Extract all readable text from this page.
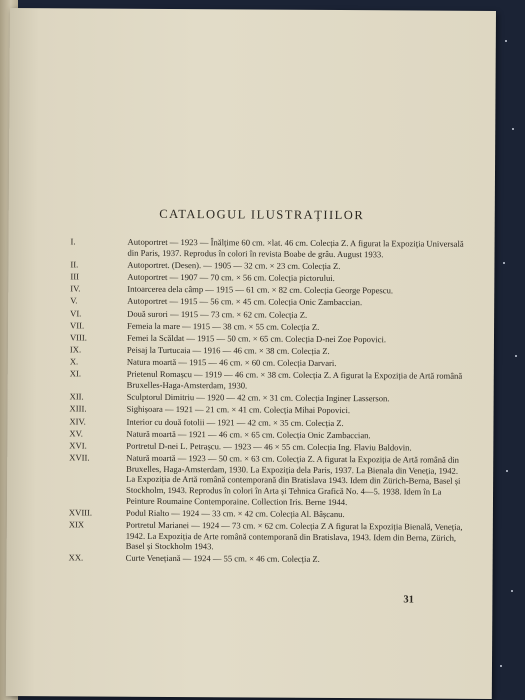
CATALOGUL ILUSTRAȚIILOR
I.	Autoportret — 1923 — Înălțime 60 cm. ×lat. 46 cm. Colecția Z. A figurat la Expoziția Universală din Paris, 1937. Reprodus în colori în revista Boabe de grâu. August 1933.
II.	Autoportret. (Desen). — 1905 — 32 cm. × 23 cm. Colecția Z.
III	Autoportret — 1907 — 70 cm. × 56 cm. Colecția pictorului.
IV.	Intoarcerea dela câmp — 1915 — 61 cm. × 82 cm. Colecția George Popescu.
V.	Autoportret — 1915 — 56 cm. × 45 cm. Colecția Onic Zambaccian.
VI.	Două surori — 1915 — 73 cm. × 62 cm. Colecția Z.
VII.	Femeia la mare — 1915 — 38 cm. × 55 cm. Colecția Z.
VIII.	Femei la Scăldat — 1915 — 50 cm. × 65 cm. Colecția D-nei Zoe Popovici.
IX.	Peisaj la Turtucaia — 1916 — 46 cm. × 38 cm. Colecția Z.
X.	Natura moartă — 1915 — 46 cm. × 60 cm. Colecția Darvari.
XI.	Prietenul Romașcu — 1919 — 46 cm. × 38 cm. Colecția Z. A figurat la Expoziția de Artă română Bruxelles-Haga-Amsterdam, 1930.
XII.	Sculptorul Dimitriu — 1920 — 42 cm. × 31 cm. Colecția Inginer Lasserson.
XIII.	Sighișoara — 1921 — 21 cm. × 41 cm. Colecția Mihai Popovici.
XIV.	Interior cu două fotolii — 1921 — 42 cm. × 35 cm. Colecția Z.
XV.	Natură moartă — 1921 — 46 cm. × 65 cm. Colecția Onic Zambaccian.
XVI.	Portretul D-nei L. Petrașcu. — 1923 — 46 × 55 cm. Colecția Ing. Flaviu Baldovin.
XVII.	Natură moartă — 1923 — 50 cm. × 63 cm. Colecția Z. A figurat la Expoziția de Artă română din Bruxelles, Haga-Amsterdam, 1930. La Expoziția dela Paris, 1937. La Bienala din Veneția, 1942. La Expoziția de Artă română contemporană din Bratislava 1943. Idem din Zürich-Berna, Basel și Stockholm, 1943. Reprodus în colori în Arta și Tehnica Grafică No. 4—5. 1938. Idem în La Peinture Roumaine Contemporaine. Collection Iris. Berne 1944.
XVIII.	Podul Rialto — 1924 — 33 cm. × 42 cm. Colecția Al. Bâșcanu.
XIX	Portretul Marianei — 1924 — 73 cm. × 62 cm. Colecția Z A figurat la Expoziția Bienală, Veneția, 1942. La Expoziția de Arte română contemporană din Bratislava, 1943. Idem din Berna, Zürich, Basel și Stockholm 1943.
XX.	Curte Venețiană — 1924 — 55 cm. × 46 cm. Colecția Z.
31
